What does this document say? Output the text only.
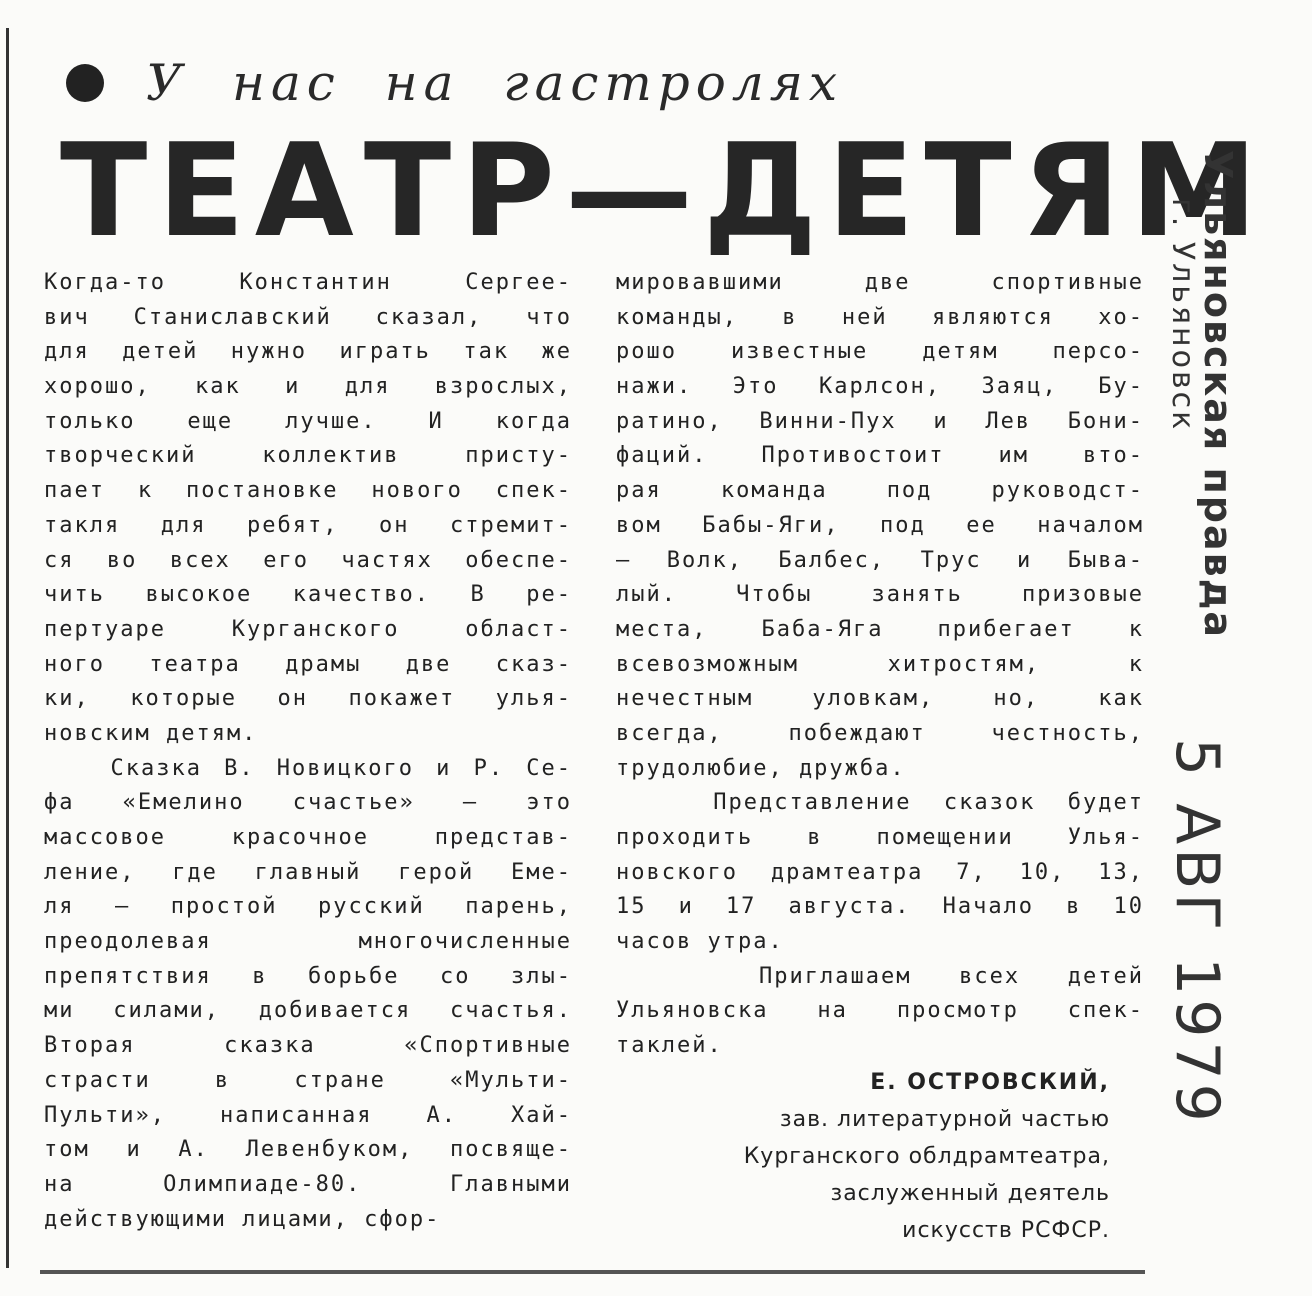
У нас на гастролях
ТЕАТР—ДЕТЯМ
Когда-то Константин Сергее-
вич Станиславский сказал, что
для детей нужно играть так же
хорошо, как и для взрослых,
только еще лучше. И когда
творческий коллектив присту-
пает к постановке нового спек-
такля для ребят, он стремит-
ся во всех его частях обеспе-
чить высокое качество. В ре-
пертуаре Курганского област-
ного театра драмы две сказ-
ки, которые он покажет улья-
новским детям.
Сказка В. Новицкого и Р. Се-
фа «Емелино счастье» — это
массовое красочное представ-
ление, где главный герой Еме-
ля — простой русский парень,
преодолевая многочисленные
препятствия в борьбе со злы-
ми силами, добивается счастья.
Вторая сказка «Спортивные
страсти в стране «Мульти-
Пульти», написанная А. Хай-
том и А. Левенбуком, посвяще-
на Олимпиаде-80. Главными
действующими лицами, сфор-
мировавшими две спортивные
команды, в ней являются хо-
рошо известные детям персо-
нажи. Это Карлсон, Заяц, Бу-
ратино, Винни-Пух и Лев Бони-
фаций. Противостоит им вто-
рая команда под руководст-
вом Бабы-Яги, под ее началом
— Волк, Балбес, Трус и Быва-
лый. Чтобы занять призовые
места, Баба-Яга прибегает к
всевозможным хитростям, к
нечестным уловкам, но, как
всегда, побеждают честность,
трудолюбие, дружба.
Представление сказок будет
проходить в помещении Улья-
новского драмтеатра 7, 10, 13,
15 и 17 августа. Начало в 10
часов утра.
Приглашаем всех детей
Ульяновска на просмотр спек-
таклей.
Е. ОСТРОВСКИЙ,
зав. литературной частью
Курганского облдрамтеатра,
заслуженный деятель
искусств РСФСР.
Ульяновская правда
г. Ульяновск
5 АВГ 1979
